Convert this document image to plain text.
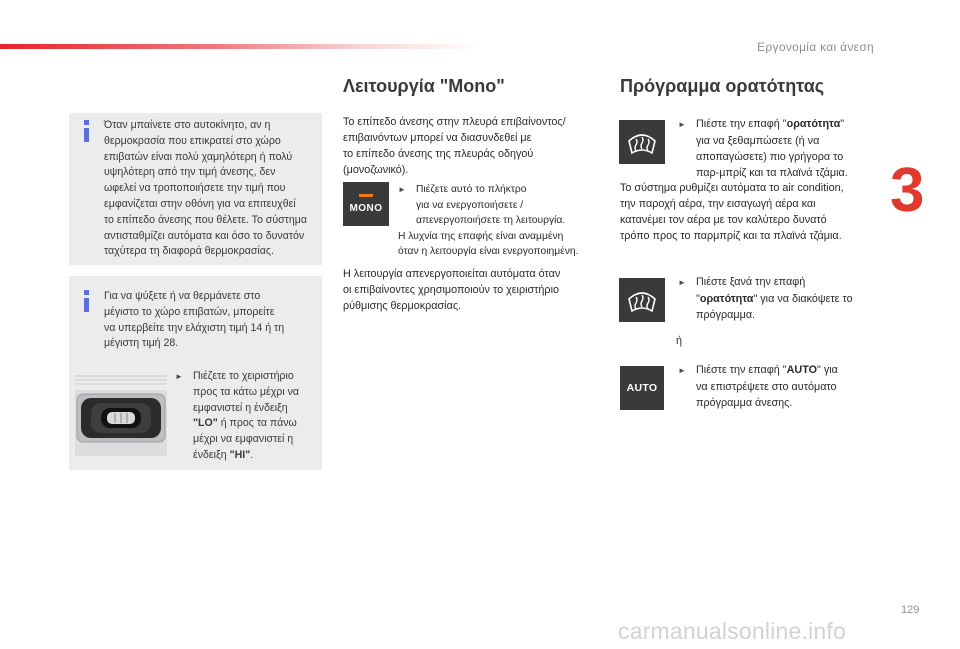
Εργονομία και άνεση
3
Όταν μπαίνετε στο αυτοκίνητο, αν η
θερμοκρασία που επικρατεί στο χώρο
επιβατών είναι πολύ χαμηλότερη ή πολύ
υψηλότερη από την τιμή άνεσης, δεν
ωφελεί να τροποποιήσετε την τιμή που
εμφανίζεται στην οθόνη για να επιτευχθεί
το επίπεδο άνεσης που θέλετε. Το σύστημα
αντισταθμίζει αυτόματα και όσο το δυνατόν
ταχύτερα τη διαφορά θερμοκρασίας.
Για να ψύξετε ή να θερμάνετε στο
μέγιστο το χώρο επιβατών, μπορείτε
να υπερβείτε την ελάχιστη τιμή 14 ή τη
μέγιστη τιμή 28.
► Πιέζετε το χειριστήριο
προς τα κάτω μέχρι να
εμφανιστεί η ένδειξη
"LO" ή προς τα πάνω
μέχρι να εμφανιστεί η
ένδειξη "HI".
Λειτουργία "Mono"
Το επίπεδο άνεσης στην πλευρά επιβαίνοντος/
επιβαινόντων μπορεί να διασυνδεθεί με
το επίπεδο άνεσης της πλευράς οδηγού
(μονοζωνικό).
MONO
► Πιέζετε αυτό το πλήκτρο
για να ενεργοποιήσετε /
απενεργοποιήσετε τη λειτουργία.
Η λυχνία της επαφής είναι αναμμένη
όταν η λειτουργία είναι ενεργοποιημένη.
Η λειτουργία απενεργοποιείται αυτόματα όταν
οι επιβαίνοντες χρησιμοποιούν το χειριστήριο
ρύθμισης θερμοκρασίας.
Πρόγραμμα ορατότητας
► Πιέστε την επαφή "ορατότητα"
για να ξεθαμπώσετε (ή να
αποπαγώσετε) πιο γρήγορα το
παρ-μπρίζ και τα πλαϊνά τζάμια.
Το σύστημα ρυθμίζει αυτόματα το air condition,
την παροχή αέρα, την εισαγωγή αέρα και
κατανέμει τον αέρα με τον καλύτερο δυνατό
τρόπο προς το παρμπρίζ και τα πλαϊνά τζάμια.
► Πιέστε ξανά την επαφή
"ορατότητα" για να διακόψετε το
πρόγραμμα.
ή
AUTO
► Πιέστε την επαφή "AUTO" για
να επιστρέψετε στο αυτόματο
πρόγραμμα άνεσης.
129
carmanualsonline.info
